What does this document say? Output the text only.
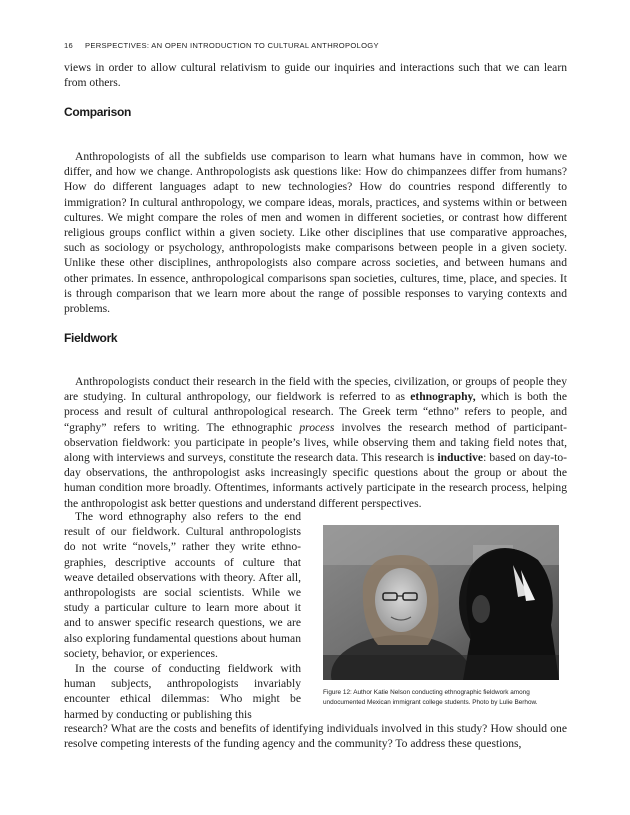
16 PERSPECTIVES: AN OPEN INTRODUCTION TO CULTURAL ANTHROPOLOGY

views in order to allow cultural relativism to guide our inquiries and interactions such that we can learn from others.

Comparison

Anthropologists of all the subfields use comparison to learn what humans have in common, how we differ, and how we change. Anthropologists ask questions like: How do chimpanzees differ from humans? How do different languages adapt to new technologies? How do countries respond differently to immigration? In cultural anthropology, we compare ideas, morals, practices, and systems within or between cultures. We might compare the roles of men and women in different societies, or contrast how different religious groups conflict within a given society. Like other disciplines that use comparative approaches, such as sociology or psychology, anthropologists make comparisons between people in a given society. Unlike these other disciplines, anthropologists also compare across societies, and between humans and other primates. In essence, anthropological comparisons span societies, cultures, time, place, and species. It is through comparison that we learn more about the range of possible responses to varying contexts and problems.

Fieldwork

Anthropologists conduct their research in the field with the species, civilization, or groups of people they are studying. In cultural anthropology, our fieldwork is referred to as ethnography, which is both the process and result of cultural anthropological research. The Greek term “ethno” refers to people, and “graphy” refers to writing. The ethnographic process involves the research method of participant-observation fieldwork: you participate in people’s lives, while observing them and taking field notes that, along with interviews and surveys, constitute the research data. This research is inductive: based on day-to-day observations, the anthropologist asks increasingly specific questions about the group or about the human condition more broadly. Oftentimes, informants actively participate in the research process, helping the anthropologist ask better questions and understand different perspectives.

The word ethnography also refers to the end result of our fieldwork. Cultural anthropologists do not write “novels,” rather they write ethnographies, descriptive accounts of culture that weave detailed observations with theory. After all, anthropologists are social scientists. While we study a particular culture to learn more about it and to answer specific research questions, we are also exploring fundamental questions about human society, behavior, or experiences.

In the course of conducting fieldwork with human subjects, anthropologists invariably encounter ethical dilemmas: Who might be harmed by conducting or publishing this

Figure 12: Author Katie Nelson conducting ethnographic fieldwork among undocumented Mexican immigrant college students. Photo by Lulie Berhow.

research? What are the costs and benefits of identifying individuals involved in this study? How should one resolve competing interests of the funding agency and the community? To address these questions,
